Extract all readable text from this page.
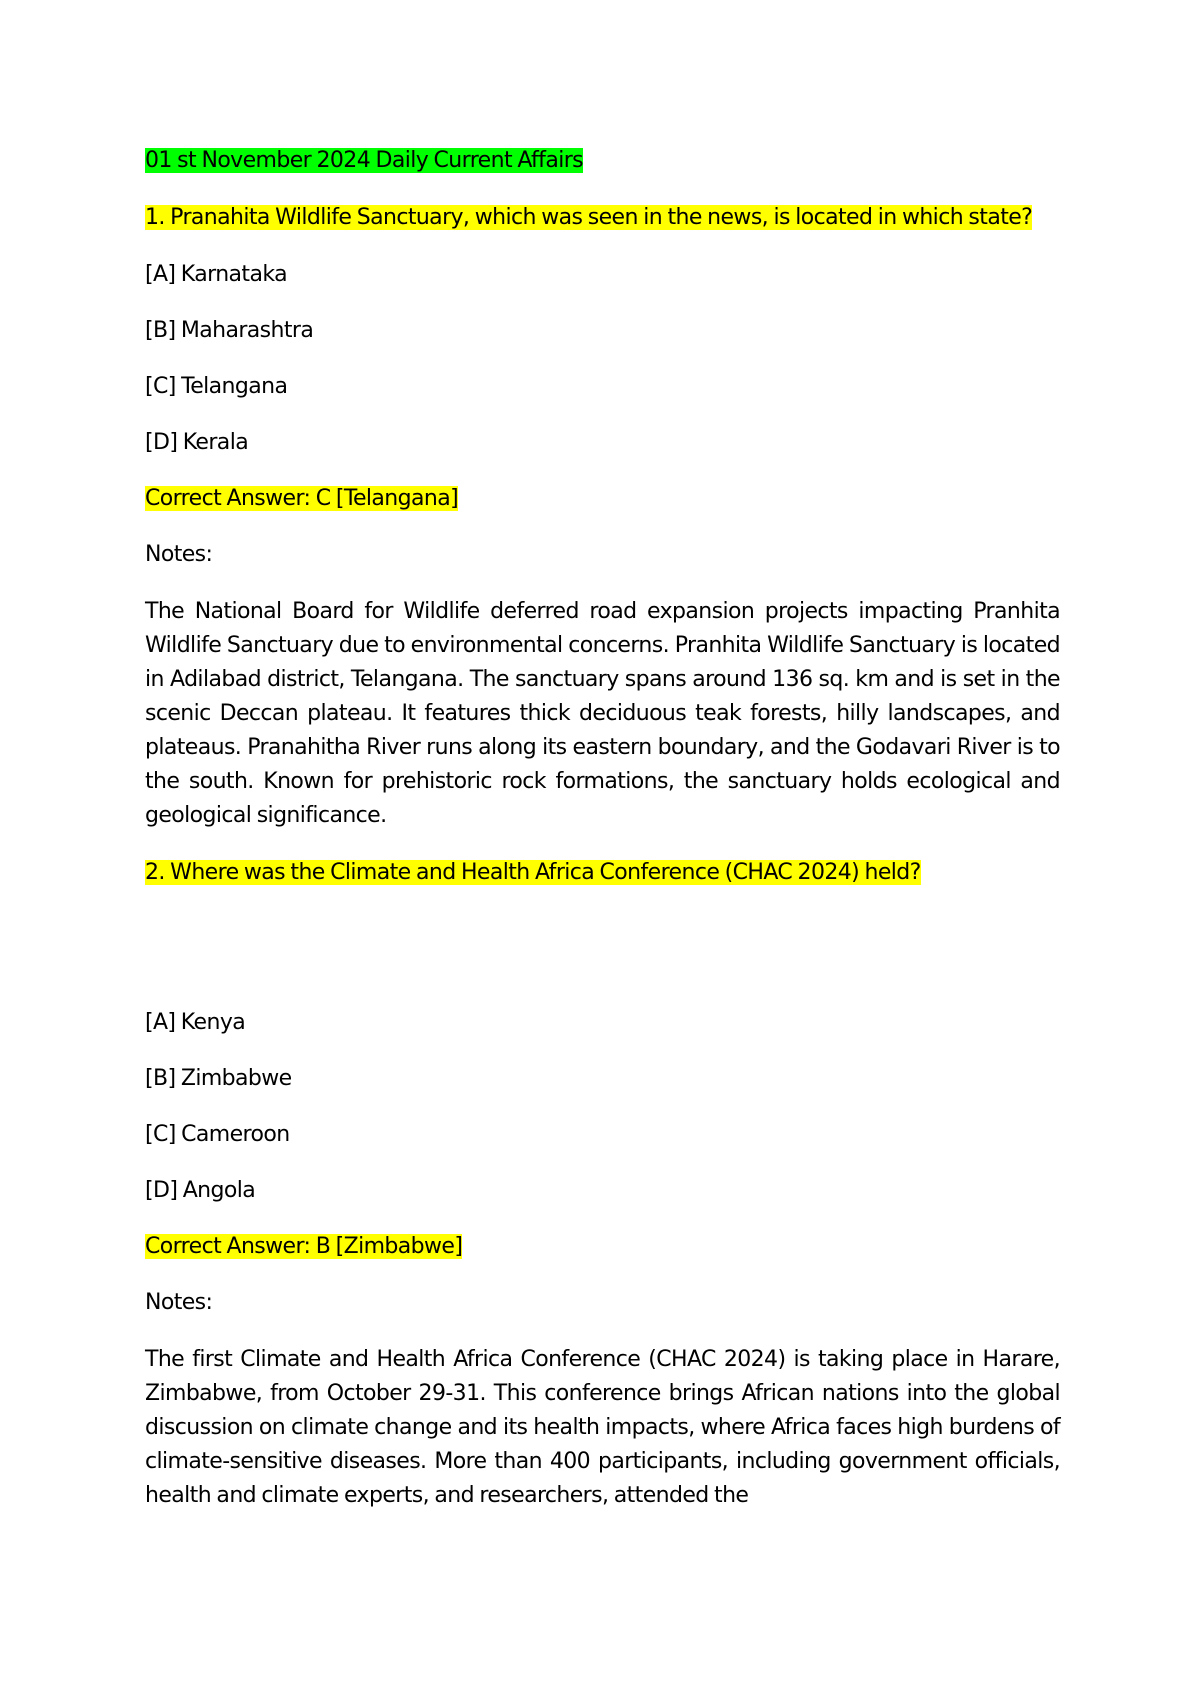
01 st November 2024 Daily Current Affairs

1. Pranahita Wildlife Sanctuary, which was seen in the news, is located in which state?

[A] Karnataka

[B] Maharashtra

[C] Telangana

[D] Kerala

Correct Answer: C [Telangana]

Notes:

The National Board for Wildlife deferred road expansion projects impacting Pranhita Wildlife Sanctuary due to environmental concerns. Pranhita Wildlife Sanctuary is located in Adilabad district, Telangana. The sanctuary spans around 136 sq. km and is set in the scenic Deccan plateau. It features thick deciduous teak forests, hilly landscapes, and plateaus. Pranahitha River runs along its eastern boundary, and the Godavari River is to the south. Known for prehistoric rock formations, the sanctuary holds ecological and geological significance.

2. Where was the Climate and Health Africa Conference (CHAC 2024) held?

[A] Kenya

[B] Zimbabwe

[C] Cameroon

[D] Angola

Correct Answer: B [Zimbabwe]

Notes:

The first Climate and Health Africa Conference (CHAC 2024) is taking place in Harare, Zimbabwe, from October 29-31. This conference brings African nations into the global discussion on climate change and its health impacts, where Africa faces high burdens of climate-sensitive diseases. More than 400 participants, including government officials, health and climate experts, and researchers, attended the
